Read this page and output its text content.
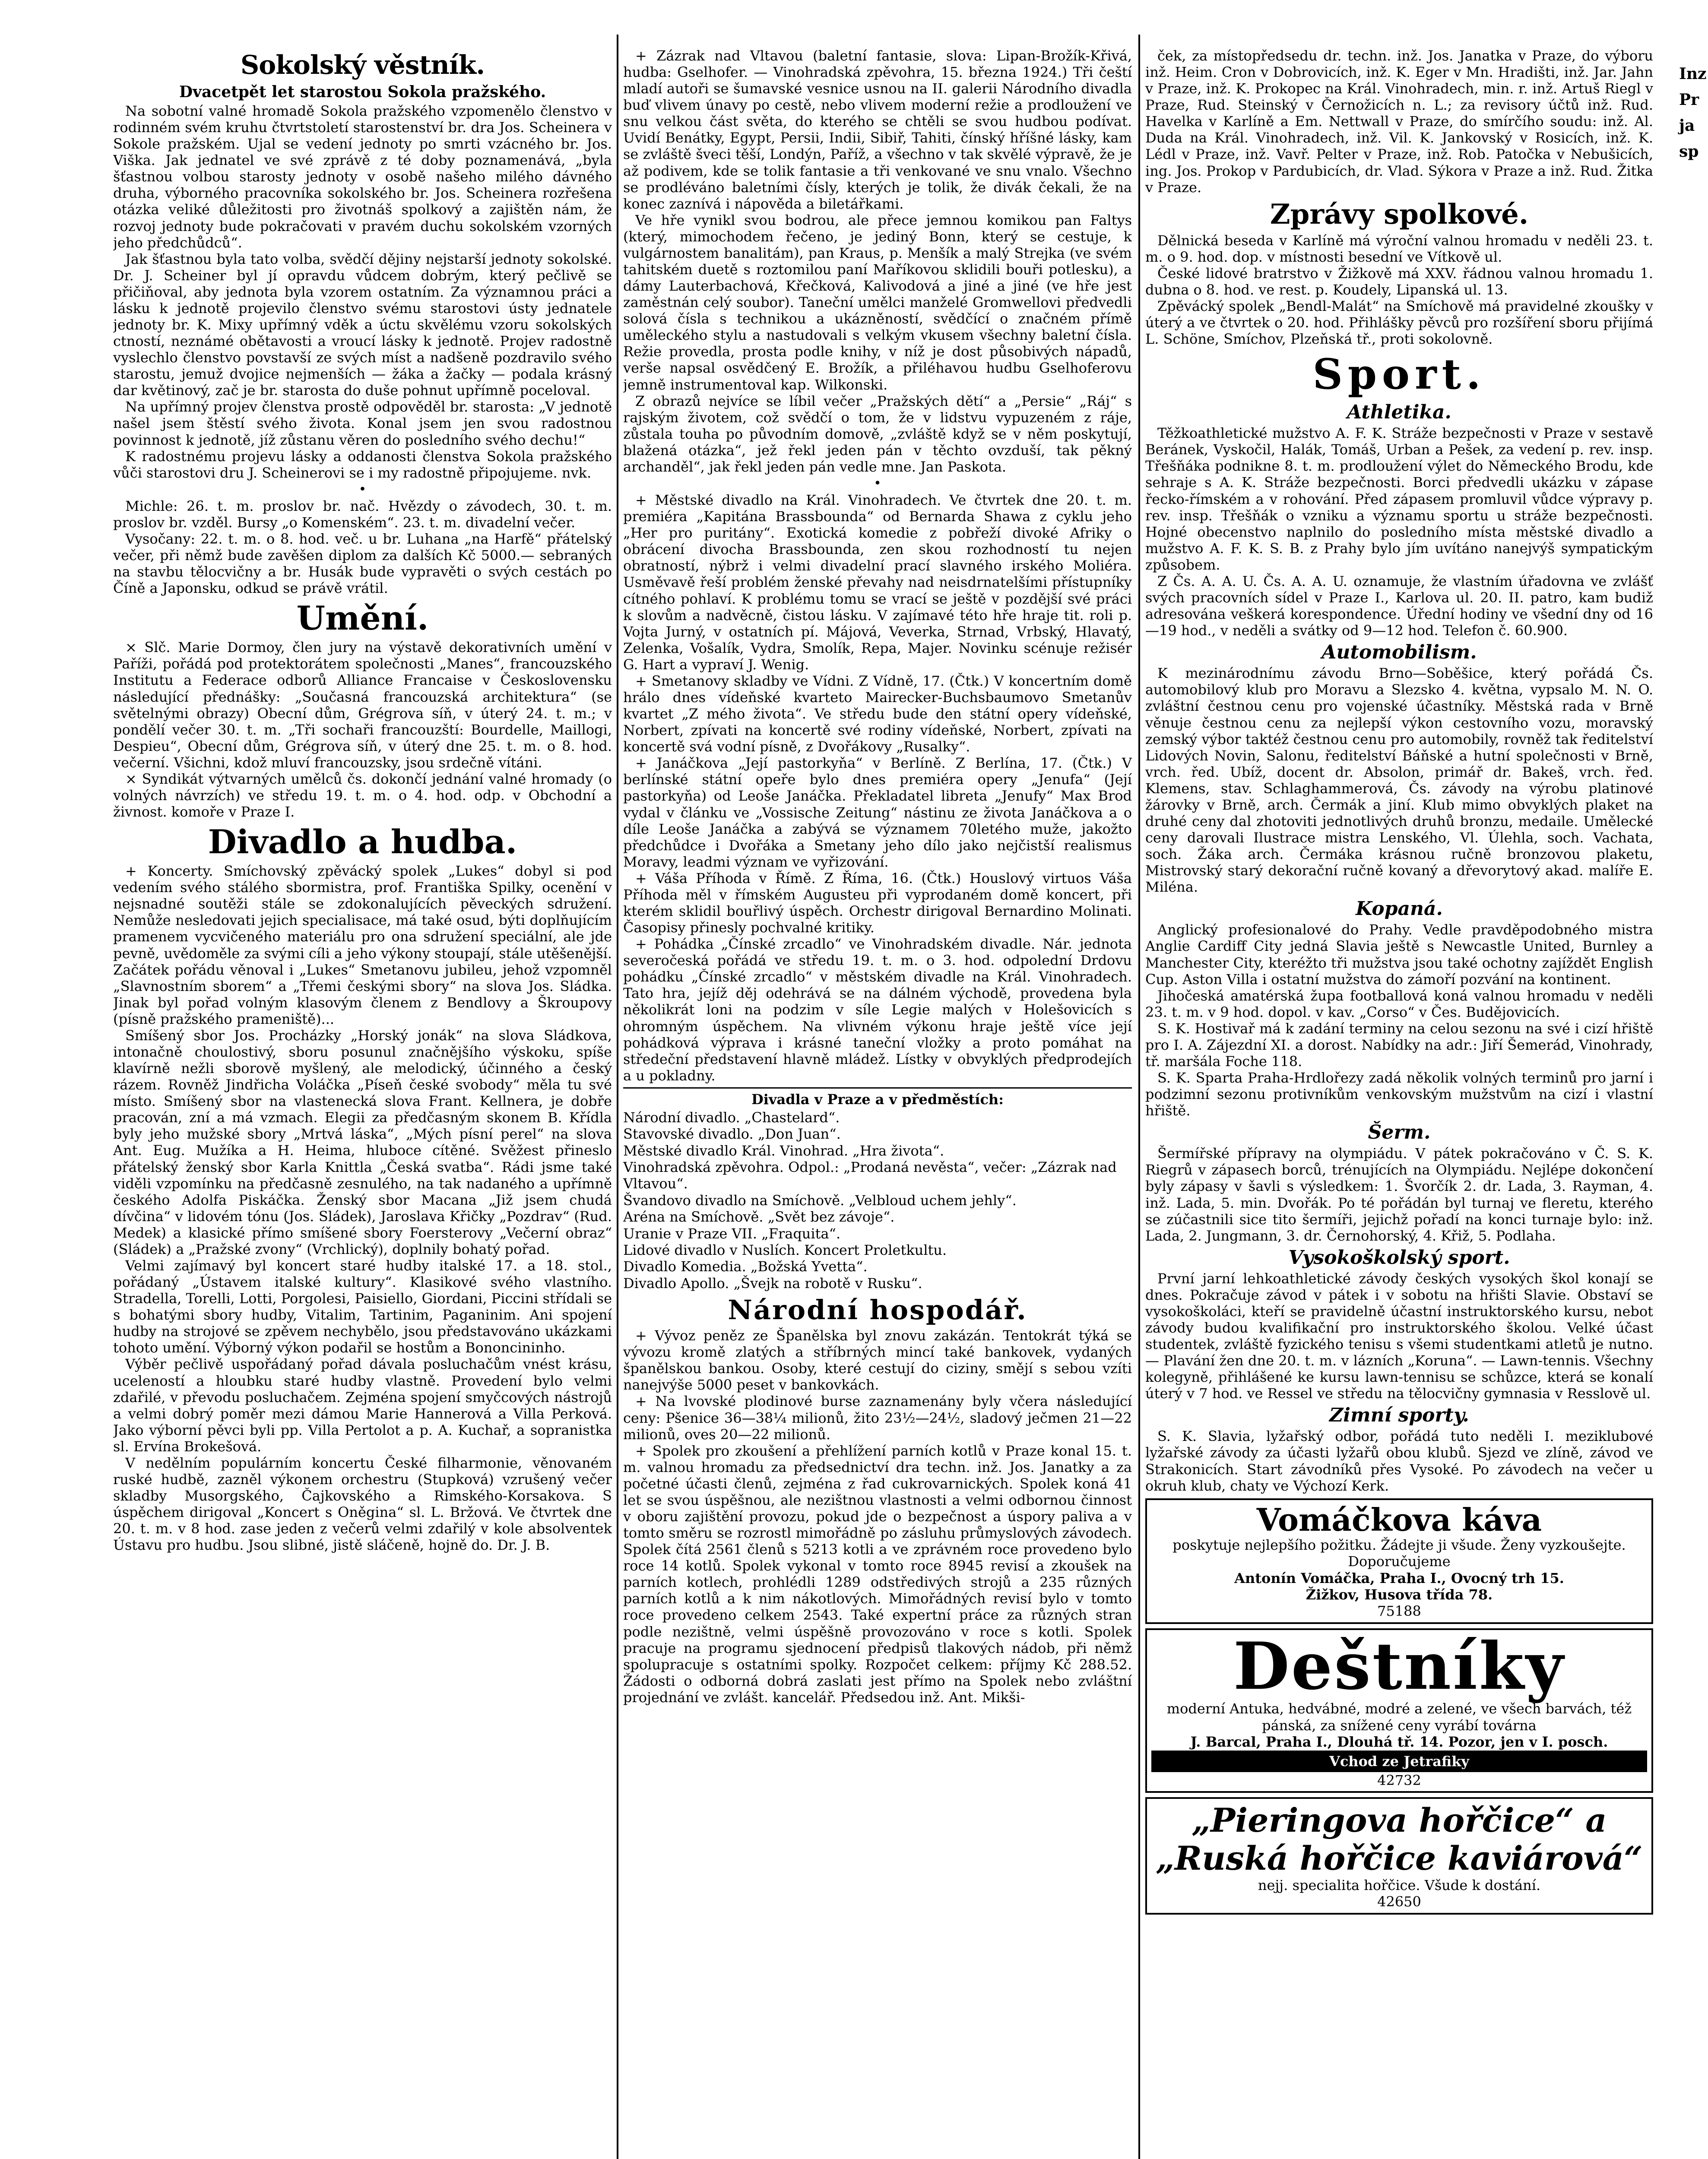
Sokolský věstník.
Dvacetpět let starostou Sokola pražského.

Na sobotní valné hromadě Sokola pražského vzpomenělo členstvo v rodinném svém kruhu čtvrtstoletí starostenství br. dra Jos. Scheinera v Sokole pražském. Ujal se vedení jednoty po smrti vzácného br. Jos. Viška. Jak jednatel ve své zprávě z té doby poznamenává, „byla šťastnou volbou starosty jednoty v osobě našeho milého dávného druha, výborného pracovníka sokolského br. Jos. Scheinera rozřešena otázka veliké důležitosti pro životnáš spolkový a zajištěn nám, že rozvoj jednoty bude pokračovati v pravém duchu sokolském vzorných jeho předchůdců“.

Jak šťastnou byla tato volba, svědčí dějiny nejstarší jednoty sokolské. Dr. J. Scheiner byl jí opravdu vůdcem dobrým, který pečlivě se přičiňoval, aby jednota byla vzorem ostatním. Za významnou práci a lásku k jednotě projevilo členstvo svému starostovi ústy jednatele jednoty br. K. Mixy upřímný vděk a úctu skvělému vzoru sokolských ctností, neznámé obětavosti a vroucí lásky k jednotě. Projev radostně vyslechlo členstvo povstavší ze svých míst a nadšeně pozdravilo svého starostu, jemuž dvojice nejmenších — žáka a žačky — podala krásný dar květinový, zač je br. starosta do duše pohnut upřímně poceloval.

Na upřímný projev členstva prostě odpověděl br. starosta: „V jednotě našel jsem štěstí svého života. Konal jsem jen svou radostnou povinnost k jednotě, jíž zůstanu věren do posledního svého dechu!“

K radostnému projevu lásky a oddanosti členstva Sokola pražského vůči starostovi dru J. Scheinerovi se i my radostně připojujeme. nvk.

•

Michle: 26. t. m. proslov br. nač. Hvězdy o závodech, 30. t. m. proslov br. vzděl. Bursy „o Komenském“. 23. t. m. divadelní večer.

Vysočany: 22. t. m. o 8. hod. več. u br. Luhana „na Harfě“ přátelský večer, při němž bude zavěšen diplom za dalších Kč 5000.— sebraných na stavbu tělocvičny a br. Husák bude vypravěti o svých cestách po Číně a Japonsku, odkud se právě vrátil.

Umění.

× Slč. Marie Dormoy, člen jury na výstavě dekorativních umění v Paříži, pořádá pod protektorátem společnosti „Manes“, francouzského Institutu a Federace odborů Alliance Francaise v Československu následující přednášky: „Současná francouzská architektura“ (se světelnými obrazy) Obecní dům, Grégrova síň, v úterý 24. t. m.; v pondělí večer 30. t. m. „Tři sochaři francouzští: Bourdelle, Maillogi, Despieu“, Obecní dům, Grégrova síň, v úterý dne 25. t. m. o 8. hod. večerní. Všichni, kdož mluví francouzsky, jsou srdečně vítáni.

× Syndikát výtvarných umělců čs. dokončí jednání valné hromady (o volných návrzích) ve středu 19. t. m. o 4. hod. odp. v Obchodní a živnost. komoře v Praze I.

Divadlo a hudba.

+ Koncerty. Smíchovský zpěvácký spolek „Lukes“ dobyl si pod vedením svého stálého sbormistra, prof. Františka Spilky, ocenění v nejsnadné soutěži stále se zdokonalujících pěveckých sdružení. Nemůže nesledovati jejich specialisace, má také osud, býti doplňujícím pramenem vycvičeného materiálu pro ona sdružení speciální, ale jde pevně, uvědoměle za svými cíli a jeho výkony stoupají, stále utěšenější. Začátek pořádu věnoval i „Lukes“ Smetanovu jubileu, jehož vzpomněl „Slavnostním sborem“ a „Třemi českými sbory“ na slova Jos. Sládka. Jinak byl pořad volným klasovým členem z Bendlovy a Škroupovy (písně pražského prameniště)...

Smíšený sbor Jos. Procházky „Horský jonák“ na slova Sládkova, intonačně choulostivý, sboru posunul značnějšího výskoku, spíše klavírně nežli sborově myšlený, ale melodický, účinného a český rázem. Rovněž Jindřicha Voláčka „Píseň české svobody“ měla tu své místo. Smíšený sbor na vlastenecká slova Frant. Kellnera, je dobře pracován, zní a má vzmach. Elegii za předčasným skonem B. Křídla byly jeho mužské sbory „Mrtvá láska“, „Mých písní perel“ na slova Ant. Eug. Mužíka a H. Heima, hluboce cítěné. Svěžest přineslo přátelský ženský sbor Karla Knittla „Česká svatba“. Rádi jsme také viděli vzpomínku na předčasně zesnulého, na tak nadaného a upřímně českého Adolfa Piskáčka. Ženský sbor Macana „Již jsem chudá dívčina“ v lidovém tónu (Jos. Sládek), Jaroslava Křičky „Pozdrav“ (Rud. Medek) a klasické přímo smíšené sbory Foersterovy „Večerní obraz“ (Sládek) a „Pražské zvony“ (Vrchlický), doplnily bohatý pořad.

Velmi zajímavý byl koncert staré hudby italské 17. a 18. stol., pořádaný „Ústavem italské kultury“. Klasikové svého vlastního. Stradella, Torelli, Lotti, Porgolesi, Paisiello, Giordani, Piccini střídali se s bohatými sbory hudby, Vitalim, Tartinim, Paganinim. Ani spojení hudby na strojové se zpěvem nechybělo, jsou představováno ukázkami tohoto umění. Výborný výkon podařil se hostům a Bononcininho.

Výběr pečlivě uspořádaný pořad dávala posluchačům vnést krásu, uceleností a hloubku staré hudby vlastně. Provedení bylo velmi zdařilé, v převodu posluchačem. Zejména spojení smyčcových nástrojů a velmi dobrý poměr mezi dámou Marie Hannerová a Villa Perková. Jako výborní pěvci byli pp. Villa Pertolot a p. A. Kuchař, a sopranistka sl. Ervína Brokešová.

V nedělním populárním koncertu České filharmonie, věnovaném ruské hudbě, zazněl výkonem orchestru (Stupková) vzrušený večer skladby Musorgského, Čajkovského a Rimského-Korsakova. S úspěchem dirigoval „Koncert s Oněgina“ sl. L. Bržová. Ve čtvrtek dne 20. t. m. v 8 hod. zase jeden z večerů velmi zdařilý v kole absolventek Ústavu pro hudbu. Jsou slibné, jistě sláčeně, hojně do. Dr. J. B.

+ Zázrak nad Vltavou (baletní fantasie, slova: Lipan-Brožík-Křivá, hudba: Gselhofer. — Vinohradská zpěvohra, 15. března 1924.) Tři čeští mladí autoři se šumavské vesnice usnou na II. galerii Národního divadla buď vlivem únavy po cestě, nebo vlivem moderní režie a prodloužení ve snu velkou část světa, do kterého se chtěli se svou hudbou podívat. Uvidí Benátky, Egypt, Persii, Indii, Sibiř, Tahiti, čínský hříšné lásky, kam se zvláště šveci těší, Londýn, Paříž, a všechno v tak skvělé výpravě, že je až podivem, kde se tolik fantasie a tři venkované ve snu vnalo. Všechno se prodléváno baletními čísly, kterých je tolik, že divák čekali, že na konec zaznívá i nápověda a biletářkami.

Ve hře vynikl svou bodrou, ale přece jemnou komikou pan Faltys (který, mimochodem řečeno, je jediný Bonn, který se cestuje, k vulgárnostem banalitám), pan Kraus, p. Menšík a malý Strejka (ve svém tahitském duetě s roztomilou paní Maříkovou sklidili bouři potlesku), a dámy Lauterbachová, Křečková, Kalivodová a jiné a jiné (ve hře jest zaměstnán celý soubor). Taneční umělci manželé Gromwellovi předvedli solová čísla s technikou a ukázněností, svědčící o značném přímě uměleckého stylu a nastudovali s velkým vkusem všechny baletní čísla. Režie provedla, prosta podle knihy, v níž je dost působivých nápadů, verše napsal osvědčený E. Brožík, a přiléhavou hudbu Gselhoferovu jemně instrumentoval kap. Wilkonski.

Z obrazů nejvíce se líbil večer „Pražských dětí“ a „Persie“ „Ráj“ s rajským životem, což svědčí o tom, že v lidstvu vypuzeném z ráje, zůstala touha po původním domově, „zvláště když se v něm poskytují, blažená otázka“, jež řekl jeden pán v těchto ovzduší, tak pěkný archanděl“, jak řekl jeden pán vedle mne. Jan Paskota.

•

+ Městské divadlo na Král. Vinohradech. Ve čtvrtek dne 20. t. m. premiéra „Kapitána Brassbounda“ od Bernarda Shawa z cyklu jeho „Her pro puritány“. Exotická komedie z pobřeží divoké Afriky o obrácení divocha Brassbounda, zen skou rozhodností tu nejen obratností, nýbrž i velmi divadelní prací slavného irského Moliéra. Usměvavě řeší problém ženské převahy nad neisdrnatelšími přístupníky cítného pohlaví. K problému tomu se vrací se ještě v pozdější své práci k slovům a nadvěcně, čistou lásku. V zajímavé této hře hraje tit. roli p. Vojta Jurný, v ostatních pí. Májová, Veverka, Strnad, Vrbský, Hlavatý, Zelenka, Vošalík, Vydra, Smolík, Repa, Majer. Novinku scénuje režisér G. Hart a vypraví J. Wenig.

+ Smetanovy skladby ve Vídni. Z Vídně, 17. (Čtk.) V koncertním domě hrálo dnes vídeňské kvarteto Mairecker-Buchsbaumovo Smetanův kvartet „Z mého života“. Ve středu bude den státní opery vídeňské, Norbert, zpívati na koncertě své rodiny vídeňské, Norbert, zpívati na koncertě svá vodní písně, z Dvořákovy „Rusalky“.

+ Janáčkova „Její pastorkyňa“ v Berlíně. Z Berlína, 17. (Čtk.) V berlínské státní opeře bylo dnes premiéra opery „Jenufa“ (Její pastorkyňa) od Leoše Janáčka. Překladatel libreta „Jenufy“ Max Brod vydal v článku ve „Vossische Zeitung“ nástinu ze života Janáčkova a o díle Leoše Janáčka a zabývá se významem 70letého muže, jakožto předchůdce i Dvořáka a Smetany jeho dílo jako nejčistší realismus Moravy, leadmi význam ve vyřizování.

+ Váša Příhoda v Římě. Z Říma, 16. (Čtk.) Houslový virtuos Váša Příhoda měl v římském Augusteu při vyprodaném domě koncert, při kterém sklidil bouřlivý úspěch. Orchestr dirigoval Bernardino Molinati. Časopisy přinesly pochvalné kritiky.

+ Pohádka „Čínské zrcadlo“ ve Vinohradském divadle. Nár. jednota severočeská pořádá ve středu 19. t. m. o 3. hod. odpolední Drdovu pohádku „Čínské zrcadlo“ v městském divadle na Král. Vinohradech. Tato hra, jejíž děj odehrává se na dálném východě, provedena byla několikrát loni na podzim v síle Legie malých v Holešovicích s ohromným úspěchem. Na vlivném výkonu hraje ještě více její pohádková výprava i krásné taneční vložky a proto pomáhat na středeční představení hlavně mládež. Lístky v obvyklých předprodejích a u pokladny.

Divadla v Praze a v předměstích:

Národní divadlo. „Chastelard“.

Stavovské divadlo. „Don Juan“.

Městské divadlo Král. Vinohrad. „Hra života“.

Vinohradská zpěvohra. Odpol.: „Prodaná nevěsta“, večer: „Zázrak nad Vltavou“.

Švandovo divadlo na Smíchově. „Velbloud uchem jehly“.

Aréna na Smíchově. „Svět bez závoje“.

Uranie v Praze VII. „Fraquita“.

Lidové divadlo v Nuslích. Koncert Proletkultu.

Divadlo Komedia. „Božská Yvetta“.

Divadlo Apollo. „Švejk na robotě v Rusku“.

Národní hospodář.

+ Vývoz peněz ze Španělska byl znovu zakázán. Tentokrát týká se vývozu kromě zlatých a stříbrných mincí také bankovek, vydaných španělskou bankou. Osoby, které cestují do ciziny, smějí s sebou vzíti nanejvýše 5000 peset v bankovkách.

+ Na lvovské plodinové burse zaznamenány byly včera následující ceny: Pšenice 36—38¼ milionů, žito 23½—24½, sladový ječmen 21—22 milionů, oves 20—22 milionů.

+ Spolek pro zkoušení a přehlížení parních kotlů v Praze konal 15. t. m. valnou hromadu za předsednictví dra techn. inž. Jos. Janatky a za početné účasti členů, zejména z řad cukrovarnických. Spolek koná 41 let se svou úspěšnou, ale nezištnou vlastnosti a velmi odbornou činnost v oboru zajištění provozu, pokud jde o bezpečnost a úspory paliva a v tomto směru se rozrostl mimořádně po zásluhu průmyslových závodech. Spolek čítá 2561 členů s 5213 kotli a ve zprávném roce provedeno bylo roce 14 kotlů. Spolek vykonal v tomto roce 8945 revisí a zkoušek na parních kotlech, prohlédli 1289 odstředivých strojů a 235 různých parních kotlů a k nim nákotlových. Mimořádných revisí bylo v tomto roce provedeno celkem 2543. Také expertní práce za různých stran podle nezištně, velmi úspěšně provozováno v roce s kotli. Spolek pracuje na programu sjednocení předpisů tlakových nádob, při němž spolupracuje s ostatními spolky. Rozpočet celkem: příjmy Kč 288.52. Žádosti o odborná dobrá zaslati jest přímo na Spolek nebo zvláštní projednání ve zvlášt. kancelář. Předsedou inž. Ant. Mikši-

ček, za místopředsedu dr. techn. inž. Jos. Janatka v Praze, do výboru inž. Heim. Cron v Dobrovicích, inž. K. Eger v Mn. Hradišti, inž. Jar. Jahn v Praze, inž. K. Prokopec na Král. Vinohradech, min. r. inž. Artuš Riegl v Praze, Rud. Steinský v Černožicích n. L.; za revisory účtů inž. Rud. Havelka v Karlíně a Em. Nettwall v Praze, do smírčího soudu: inž. Al. Duda na Král. Vinohradech, inž. Vil. K. Jankovský v Rosicích, inž. K. Lédl v Praze, inž. Vavř. Pelter v Praze, inž. Rob. Patočka v Nebušicích, ing. Jos. Prokop v Pardubicích, dr. Vlad. Sýkora v Praze a inž. Rud. Žitka v Praze.

Zprávy spolkové.

Dělnická beseda v Karlíně má výroční valnou hromadu v neděli 23. t. m. o 9. hod. dop. v místnosti besední ve Vítkově ul.

České lidové bratrstvo v Žižkově má XXV. řádnou valnou hromadu 1. dubna o 8. hod. ve rest. p. Koudely, Lipanská ul. 13.

Zpěvácký spolek „Bendl-Malát“ na Smíchově má pravidelné zkoušky v úterý a ve čtvrtek o 20. hod. Přihlášky pěvců pro rozšíření sboru přijímá L. Schöne, Smíchov, Plzeňská tř., proti sokolovně.

Sport.
Athletika.

Těžkoathletické mužstvo A. F. K. Stráže bezpečnosti v Praze v sestavě Beránek, Vyskočil, Halák, Tomáš, Urban a Pešek, za vedení p. rev. insp. Třešňáka podnikne 8. t. m. prodloužení výlet do Německého Brodu, kde sehraje s A. K. Stráže bezpečnosti. Borci předvedli ukázku v zápase řecko-římském a v rohování. Před zápasem promluvil vůdce výpravy p. rev. insp. Třešňák o vzniku a významu sportu u stráže bezpečnosti. Hojné obecenstvo naplnilo do posledního místa městské divadlo a mužstvo A. F. K. S. B. z Prahy bylo jím uvítáno nanejvýš sympatickým způsobem.

Z Čs. A. A. U. Čs. A. A. U. oznamuje, že vlastním úřadovna ve zvlášť svých pracovních sídel v Praze I., Karlova ul. 20. II. patro, kam budiž adresována veškerá korespondence. Úřední hodiny ve všední dny od 16—19 hod., v neděli a svátky od 9—12 hod. Telefon č. 60.900.

Automobilism.

K mezinárodnímu závodu Brno—Soběšice, který pořádá Čs. automobilový klub pro Moravu a Slezsko 4. května, vypsalo M. N. O. zvláštní čestnou cenu pro vojenské účastníky. Městská rada v Brně věnuje čestnou cenu za nejlepší výkon cestovního vozu, moravský zemský výbor taktéž čestnou cenu pro automobily, rovněž tak ředitelství Lidových Novin, Salonu, ředitelství Báňské a hutní společnosti v Brně, vrch. řed. Ubíž, docent dr. Absolon, primář dr. Bakeš, vrch. řed. Klemens, stav. Schlaghammerová, Čs. závody na výrobu platinové žárovky v Brně, arch. Čermák a jiní. Klub mimo obvyklých plaket na druhé ceny dal zhotoviti jednotlivých druhů bronzu, medaile. Umělecké ceny darovali Ilustrace mistra Lenského, Vl. Úlehla, soch. Vachata, soch. Žáka arch. Čermáka krásnou ručně bronzovou plaketu, Mistrovský starý dekorační ručně kovaný a dřevorytový akad. malíře E. Miléna.

Kopaná.

Anglický profesionalové do Prahy. Vedle pravděpodobného mistra Anglie Cardiff City jedná Slavia ještě s Newcastle United, Burnley a Manchester City, kteréžto tři mužstva jsou také ochotny zajíždět English Cup. Aston Villa i ostatní mužstva do zámoří pozvání na kontinent.

Jihočeská amatérská župa footballová koná valnou hromadu v neděli 23. t. m. v 9 hod. dopol. v kav. „Corso“ v Čes. Budějovicích.

S. K. Hostivař má k zadání terminy na celou sezonu na své i cizí hřiště pro I. A. Zájezdní XI. a dorost. Nabídky na adr.: Jiří Šemerád, Vinohrady, tř. maršála Foche 118.

S. K. Sparta Praha-Hrdlořezy zadá několik volných terminů pro jarní i podzimní sezonu protivníkům venkovským mužstvům na cizí i vlastní hřiště.

Šerm.

Šermířské přípravy na olympiádu. V pátek pokračováno v Č. S. K. Riegrů v zápasech borců, trénujících na Olympiádu. Nejlépe dokončení byly zápasy v šavli s výsledkem: 1. Švorčík 2. dr. Lada, 3. Rayman, 4. inž. Lada, 5. min. Dvořák. Po té pořádán byl turnaj ve fleretu, kterého se zúčastnili sice tito šermíři, jejichž pořadí na konci turnaje bylo: inž. Lada, 2. Jungmann, 3. dr. Černohorský, 4. Křiž, 5. Podlaha.

Vysokoškolský sport.

První jarní lehkoathletické závody českých vysokých škol konají se dnes. Pokračuje závod v pátek i v sobotu na hřišti Slavie. Obstaví se vysokoškoláci, kteří se pravidelně účastní instruktorského kursu, nebot závody budou kvalifikační pro instruktorského školou. Velké účast studentek, zvláště fyzického tenisu s všemi studentkami atletů je nutno. — Plavání žen dne 20. t. m. v lázních „Koruna“. — Lawn-tennis. Všechny kolegyně, přihlášené ke kursu lawn-tennisu se schůzce, která se konalí úterý v 7 hod. ve Ressel ve středu na tělocvičny gymnasia v Resslově ul.

Zimní sporty.

S. K. Slavia, lyžařský odbor, pořádá tuto neděli I. meziklubové lyžařské závody za účasti lyžařů obou klubů. Sjezd ve zlíně, závod ve Strakonicích. Start závodníků přes Vysoké. Po závodech na večer u okruh klub, chaty ve Výchozí Kerk.

Vomáčkova káva
poskytuje nejlepšího požitku. Žádejte ji všude. Ženy vyzkoušejte. Doporučujeme
Antonín Vomáčka, Praha I., Ovocný trh 15.
Žižkov, Husova třída 78.
75188
Deštníky
moderní Antuka, hedvábné, modré a zelené, ve všech barvách, též pánská, za snížené ceny vyrábí továrna
J. Barcal, Praha I., Dlouhá tř. 14. Pozor, jen v I. posch.
Vchod ze Jetrafiky
42732
„Pieringova hořčice“ a
„Ruská hořčice kaviárová“
nejj. specialita hořčice. Všude k dostání.
42650
Inz
Pr
ja
sp
